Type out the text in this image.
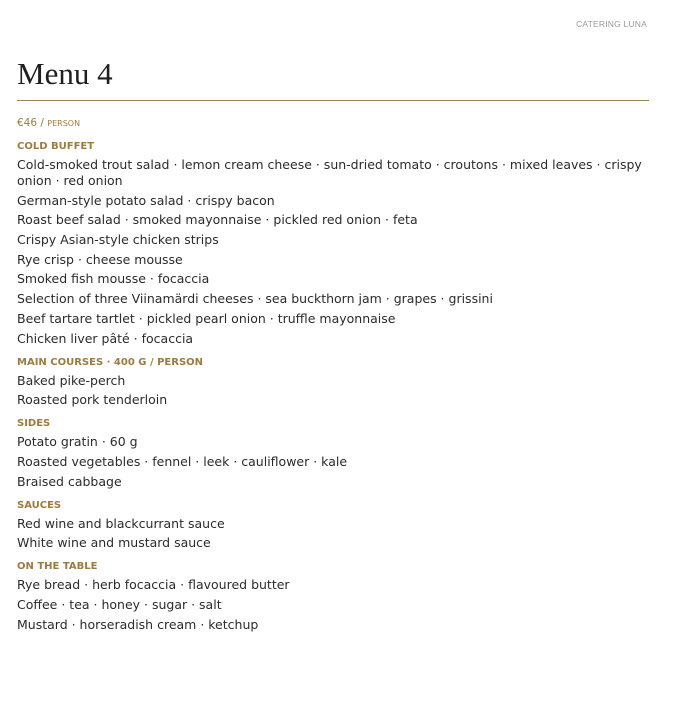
CATERING LUNA
Menu 4
€46 / PERSON
COLD BUFFET
Cold-smoked trout salad · lemon cream cheese · sun-dried tomato · croutons · mixed leaves · crispy onion · red onion
German-style potato salad · crispy bacon
Roast beef salad · smoked mayonnaise · pickled red onion · feta
Crispy Asian-style chicken strips
Rye crisp · cheese mousse
Smoked fish mousse · focaccia
Selection of three Viinamärdi cheeses · sea buckthorn jam · grapes · grissini
Beef tartare tartlet · pickled pearl onion · truffle mayonnaise
Chicken liver pâté · focaccia
MAIN COURSES · 400 G / PERSON
Baked pike-perch
Roasted pork tenderloin
SIDES
Potato gratin · 60 g
Roasted vegetables · fennel · leek · cauliflower · kale
Braised cabbage
SAUCES
Red wine and blackcurrant sauce
White wine and mustard sauce
ON THE TABLE
Rye bread · herb focaccia · flavoured butter
Coffee · tea · honey · sugar · salt
Mustard · horseradish cream · ketchup
